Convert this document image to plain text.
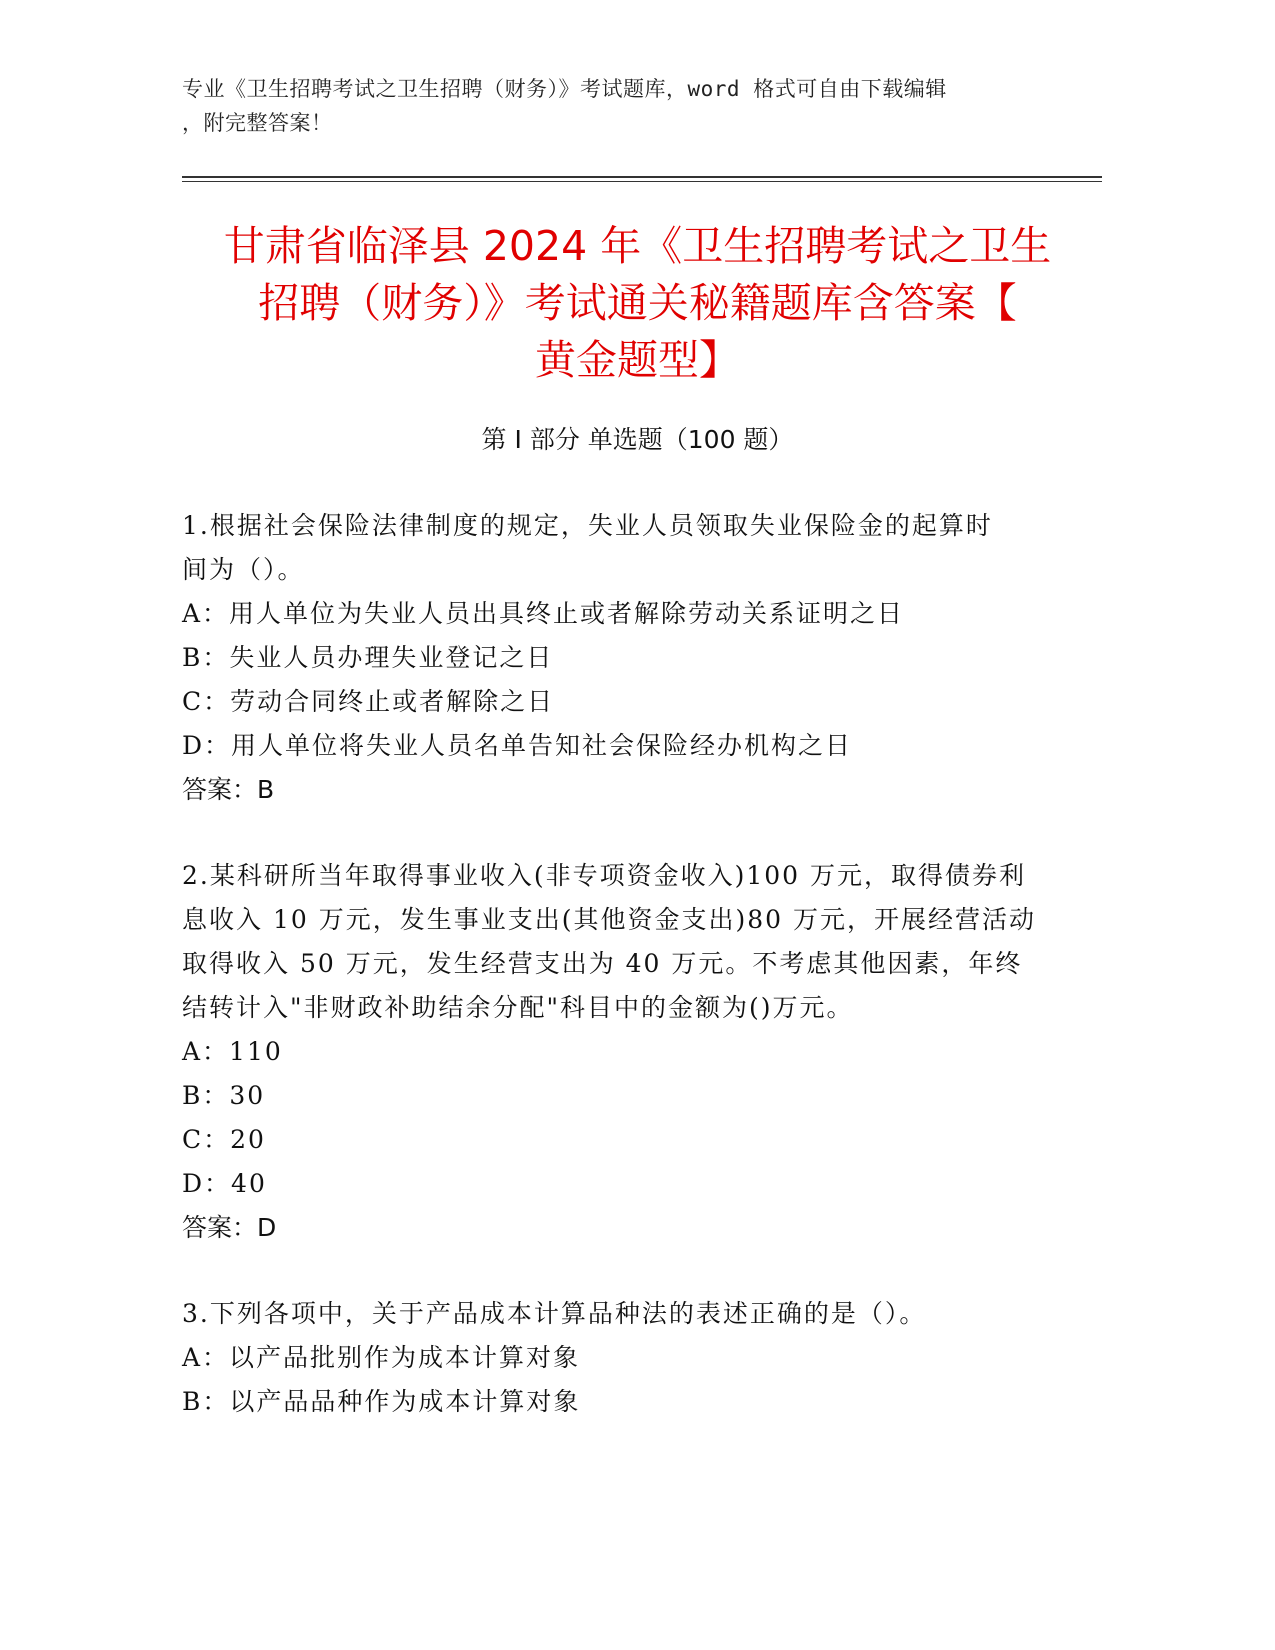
专业《卫生招聘考试之卫生招聘（财务）》考试题库，word 格式可自由下载编辑
，附完整答案！
甘肃省临泽县 2024 年《卫生招聘考试之卫生
招聘（财务）》考试通关秘籍题库含答案【
黄金题型】
第 I 部分 单选题（100 题）
1.根据社会保险法律制度的规定，失业人员领取失业保险金的起算时
间为（）。
A：用人单位为失业人员出具终止或者解除劳动关系证明之日
B：失业人员办理失业登记之日
C：劳动合同终止或者解除之日
D：用人单位将失业人员名单告知社会保险经办机构之日
答案：B
2.某科研所当年取得事业收入(非专项资金收入)100 万元，取得债券利
息收入 10 万元，发生事业支出(其他资金支出)80 万元，开展经营活动
取得收入 50 万元，发生经营支出为 40 万元。不考虑其他因素，年终
结转计入"非财政补助结余分配"科目中的金额为()万元。
A：110
B：30
C：20
D：40
答案：D
3.下列各项中，关于产品成本计算品种法的表述正确的是（）。
A：以产品批别作为成本计算对象
B：以产品品种作为成本计算对象
